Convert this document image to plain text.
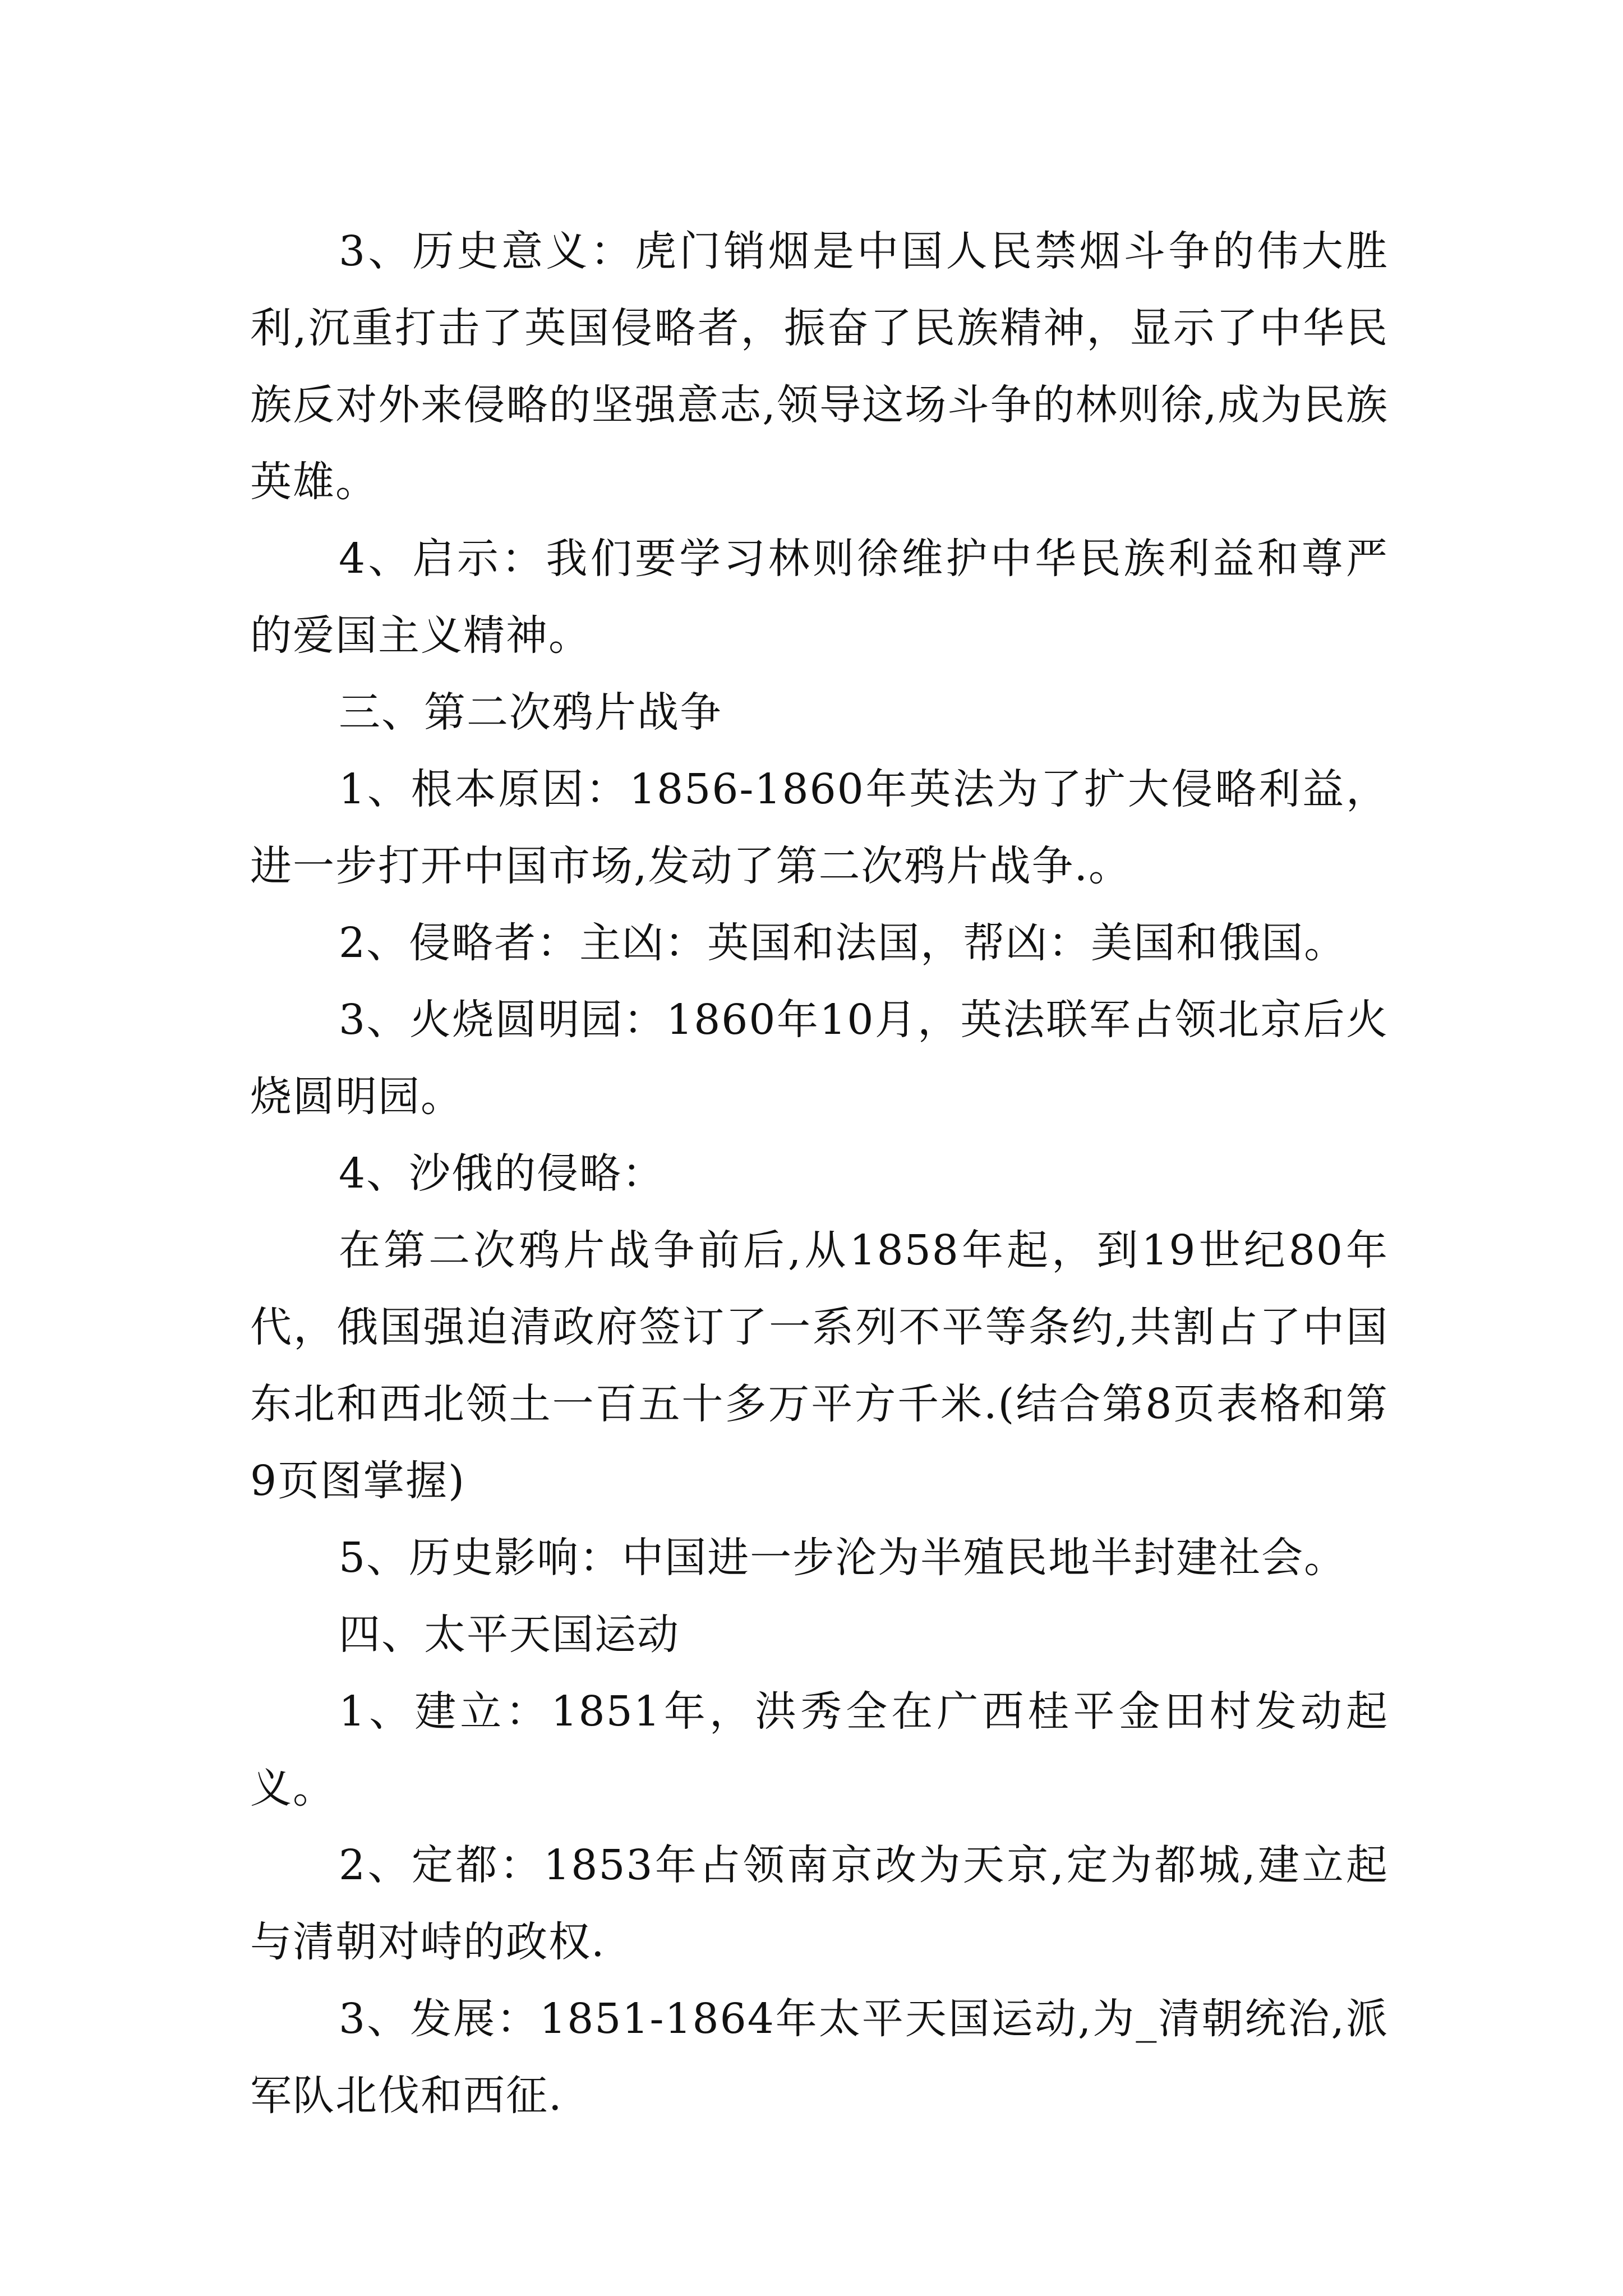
3、历史意义：虎门销烟是中国人民禁烟斗争的伟大胜利,沉重打击了英国侵略者，振奋了民族精神，显示了中华民族反对外来侵略的坚强意志,领导这场斗争的林则徐,成为民族英雄。

4、启示：我们要学习林则徐维护中华民族利益和尊严的爱国主义精神。

三、第二次鸦片战争

1、根本原因：1856-1860年英法为了扩大侵略利益，进一步打开中国市场,发动了第二次鸦片战争.。

2、侵略者：主凶：英国和法国，帮凶：美国和俄国。

3、火烧圆明园：1860年10月，英法联军占领北京后火烧圆明园。

4、沙俄的侵略：

在第二次鸦片战争前后,从1858年起，到19世纪80年代，俄国强迫清政府签订了一系列不平等条约,共割占了中国东北和西北领土一百五十多万平方千米.(结合第8页表格和第9页图掌握)

5、历史影响：中国进一步沦为半殖民地半封建社会。

四、太平天国运动

1、建立：1851年，洪秀全在广西桂平金田村发动起义。

2、定都：1853年占领南京改为天京,定为都城,建立起与清朝对峙的政权.

3、发展：1851-1864年太平天国运动,为_清朝统治,派军队北伐和西征.
